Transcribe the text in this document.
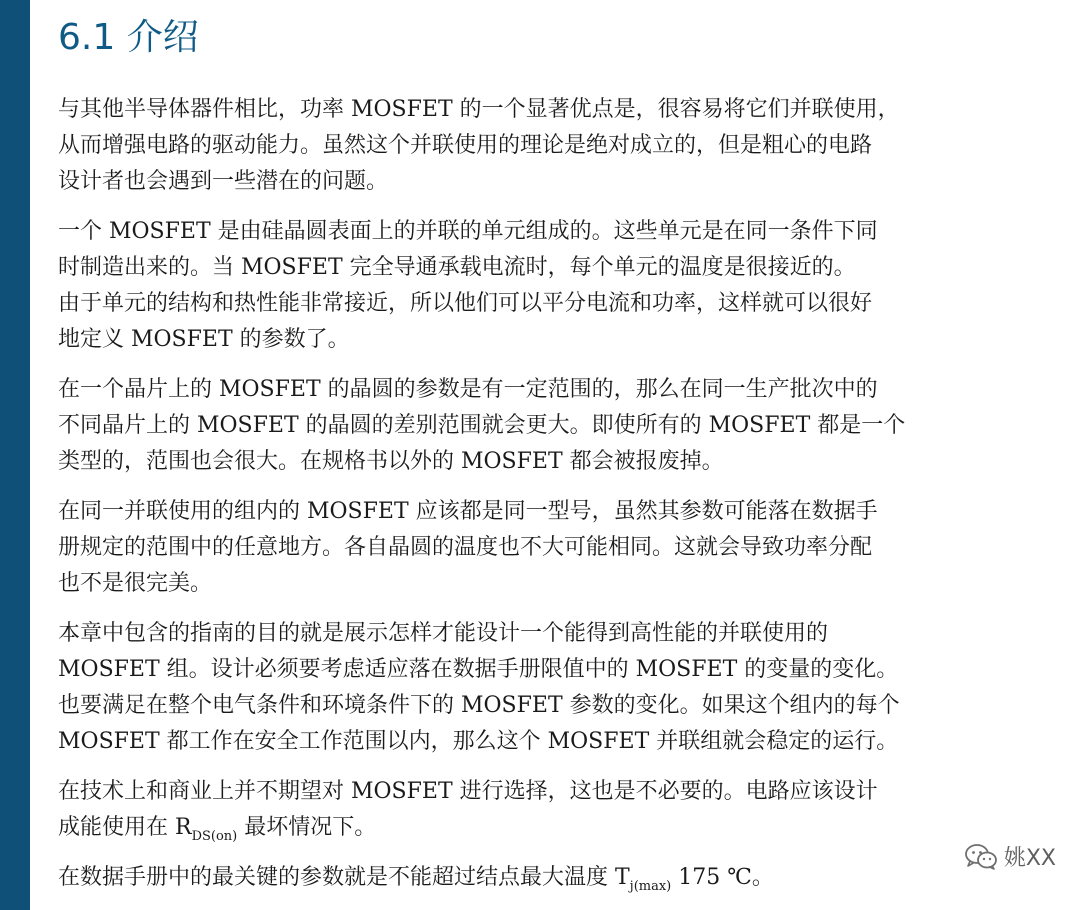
6.1 介绍

与其他半导体器件相比，功率 MOSFET 的一个显著优点是，很容易将它们并联使用，
从而增强电路的驱动能力。虽然这个并联使用的理论是绝对成立的，但是粗心的电路
设计者也会遇到一些潜在的问题。

一个 MOSFET 是由硅晶圆表面上的并联的单元组成的。这些单元是在同一条件下同
时制造出来的。当 MOSFET 完全导通承载电流时，每个单元的温度是很接近的。
由于单元的结构和热性能非常接近，所以他们可以平分电流和功率，这样就可以很好
地定义 MOSFET 的参数了。

在一个晶片上的 MOSFET 的晶圆的参数是有一定范围的，那么在同一生产批次中的
不同晶片上的 MOSFET 的晶圆的差别范围就会更大。即使所有的 MOSFET 都是一个
类型的，范围也会很大。在规格书以外的 MOSFET 都会被报废掉。

在同一并联使用的组内的 MOSFET 应该都是同一型号，虽然其参数可能落在数据手
册规定的范围中的任意地方。各自晶圆的温度也不大可能相同。这就会导致功率分配
也不是很完美。

本章中包含的指南的目的就是展示怎样才能设计一个能得到高性能的并联使用的
MOSFET 组。设计必须要考虑适应落在数据手册限值中的 MOSFET 的变量的变化。
也要满足在整个电气条件和环境条件下的 MOSFET 参数的变化。如果这个组内的每个
MOSFET 都工作在安全工作范围以内，那么这个 MOSFET 并联组就会稳定的运行。

在技术上和商业上并不期望对 MOSFET 进行选择，这也是不必要的。电路应该设计
成能使用在 $R_{DS(on)}$ 最坏情况下。

在数据手册中的最关键的参数就是不能超过结点最大温度 $T_{j(max)}$ 175 ℃。

姚XX
